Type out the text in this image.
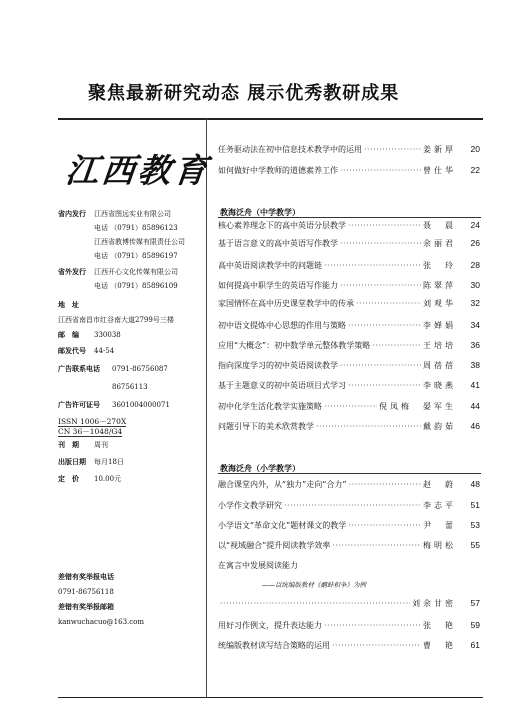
聚焦最新研究动态 展示优秀教研成果
江西教育
省内发行 江西省图远实业有限公司
电话 （0791）85896123
江西省教博传媒有限责任公司
电话 （0791）85896197
省外发行 江西开心文化传媒有限公司
电话 （0791）85896109
地　址
江西省南昌市红谷南大道2799号三楼
邮　编 330038
邮发代号 44-54
广告联系电话 0791-86756087
86756113
广告许可证号 3601004000071
ISSN 1006－270X
CN 36－1048/G4
刊　期 周刊
出版日期 每月18日
定　价 10.00元
差错有奖举报电话
0791-86756118
差错有奖举报邮箱
kanwuchacuo@163.com
任务驱动法在初中信息技术教学中的运用 ·····	姜新厚	20
如何做好中学教师的道德素养工作 ·····	曾仕华	22
教海泛舟（中学教学）
核心素养理念下的高中英语分层教学 ·····	聂　晨	24
基于语言意义的高中英语写作教学 ·····	余丽君	26
高中英语阅读教学中的问题链 ·····	张　玲	28
如何提高中职学生的英语写作能力 ·····	陈翠萍	30
家国情怀在高中历史课堂教学中的传承 ·····	刘观华	32
初中语文提炼中心思想的作用与策略 ·····	李婵娟	34
应用“大概念”：初中数学单元整体教学策略 ·····	王培培	36
指向深度学习的初中英语阅读教学 ·····	周蓓蓓	38
基于主题意义的初中英语项目式学习 ·····	李晓燕	41
初中化学生活化教学实施策略 ·····	倪凤梅　晏军生	44
问题引导下的美术欣赏教学 ·····	戴韵茹	46
教海泛舟（小学教学）
融合课堂内外，从“独力”走向“合力” ·····	赵　蔚	48
小学作文教学研究 ·····	李志平	51
小学语文“革命文化”题材课文的教学 ·····	尹　蕾	53
以“视域融合”提升阅读教学效率 ·····	梅明松	55
在寓言中发展阅读能力
——以统编版教材《鹬蚌相争》为例
·····
刘余甘密	57
用好习作例文，提升表达能力 ·····	张　艳	59
统编版教材读写结合策略的运用 ·····	曹　艳	61
